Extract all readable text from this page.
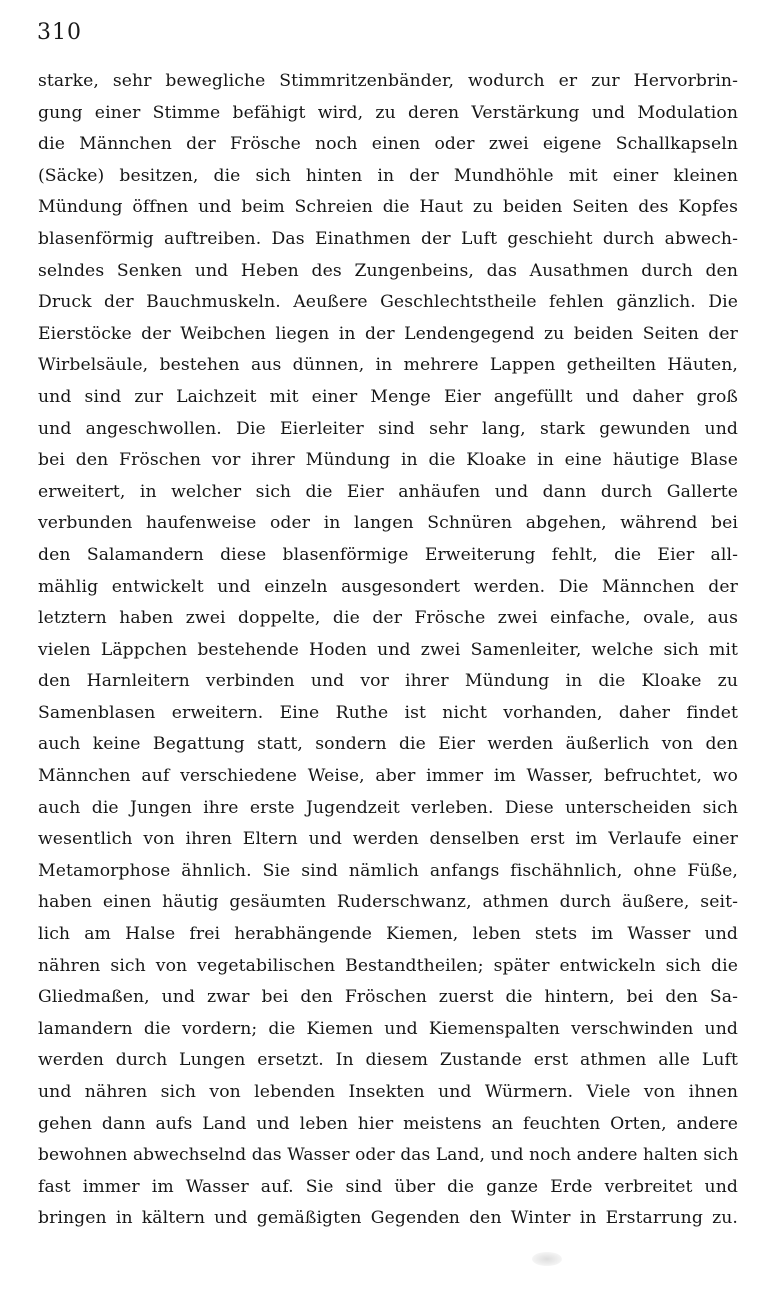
310
starke, sehr bewegliche Stimmritzenbänder, wodurch er zur Hervorbrin-
gung einer Stimme befähigt wird, zu deren Verstärkung und Modulation
die Männchen der Frösche noch einen oder zwei eigene Schallkapseln
(Säcke) besitzen, die sich hinten in der Mundhöhle mit einer kleinen
Mündung öffnen und beim Schreien die Haut zu beiden Seiten des Kopfes
blasenförmig auftreiben. Das Einathmen der Luft geschieht durch abwech-
selndes Senken und Heben des Zungenbeins, das Ausathmen durch den
Druck der Bauchmuskeln. Aeußere Geschlechtstheile fehlen gänzlich. Die
Eierstöcke der Weibchen liegen in der Lendengegend zu beiden Seiten der
Wirbelsäule, bestehen aus dünnen, in mehrere Lappen getheilten Häuten,
und sind zur Laichzeit mit einer Menge Eier angefüllt und daher groß
und angeschwollen. Die Eierleiter sind sehr lang, stark gewunden und
bei den Fröschen vor ihrer Mündung in die Kloake in eine häutige Blase
erweitert, in welcher sich die Eier anhäufen und dann durch Gallerte
verbunden haufenweise oder in langen Schnüren abgehen, während bei
den Salamandern diese blasenförmige Erweiterung fehlt, die Eier all-
mählig entwickelt und einzeln ausgesondert werden. Die Männchen der
letztern haben zwei doppelte, die der Frösche zwei einfache, ovale, aus
vielen Läppchen bestehende Hoden und zwei Samenleiter, welche sich mit
den Harnleitern verbinden und vor ihrer Mündung in die Kloake zu
Samenblasen erweitern. Eine Ruthe ist nicht vorhanden, daher findet
auch keine Begattung statt, sondern die Eier werden äußerlich von den
Männchen auf verschiedene Weise, aber immer im Wasser, befruchtet, wo
auch die Jungen ihre erste Jugendzeit verleben. Diese unterscheiden sich
wesentlich von ihren Eltern und werden denselben erst im Verlaufe einer
Metamorphose ähnlich. Sie sind nämlich anfangs fischähnlich, ohne Füße,
haben einen häutig gesäumten Ruderschwanz, athmen durch äußere, seit-
lich am Halse frei herabhängende Kiemen, leben stets im Wasser und
nähren sich von vegetabilischen Bestandtheilen; später entwickeln sich die
Gliedmaßen, und zwar bei den Fröschen zuerst die hintern, bei den Sa-
lamandern die vordern; die Kiemen und Kiemenspalten verschwinden und
werden durch Lungen ersetzt. In diesem Zustande erst athmen alle Luft
und nähren sich von lebenden Insekten und Würmern. Viele von ihnen
gehen dann aufs Land und leben hier meistens an feuchten Orten, andere
bewohnen abwechselnd das Wasser oder das Land, und noch andere halten sich
fast immer im Wasser auf. Sie sind über die ganze Erde verbreitet und
bringen in kältern und gemäßigten Gegenden den Winter in Erstarrung zu.
